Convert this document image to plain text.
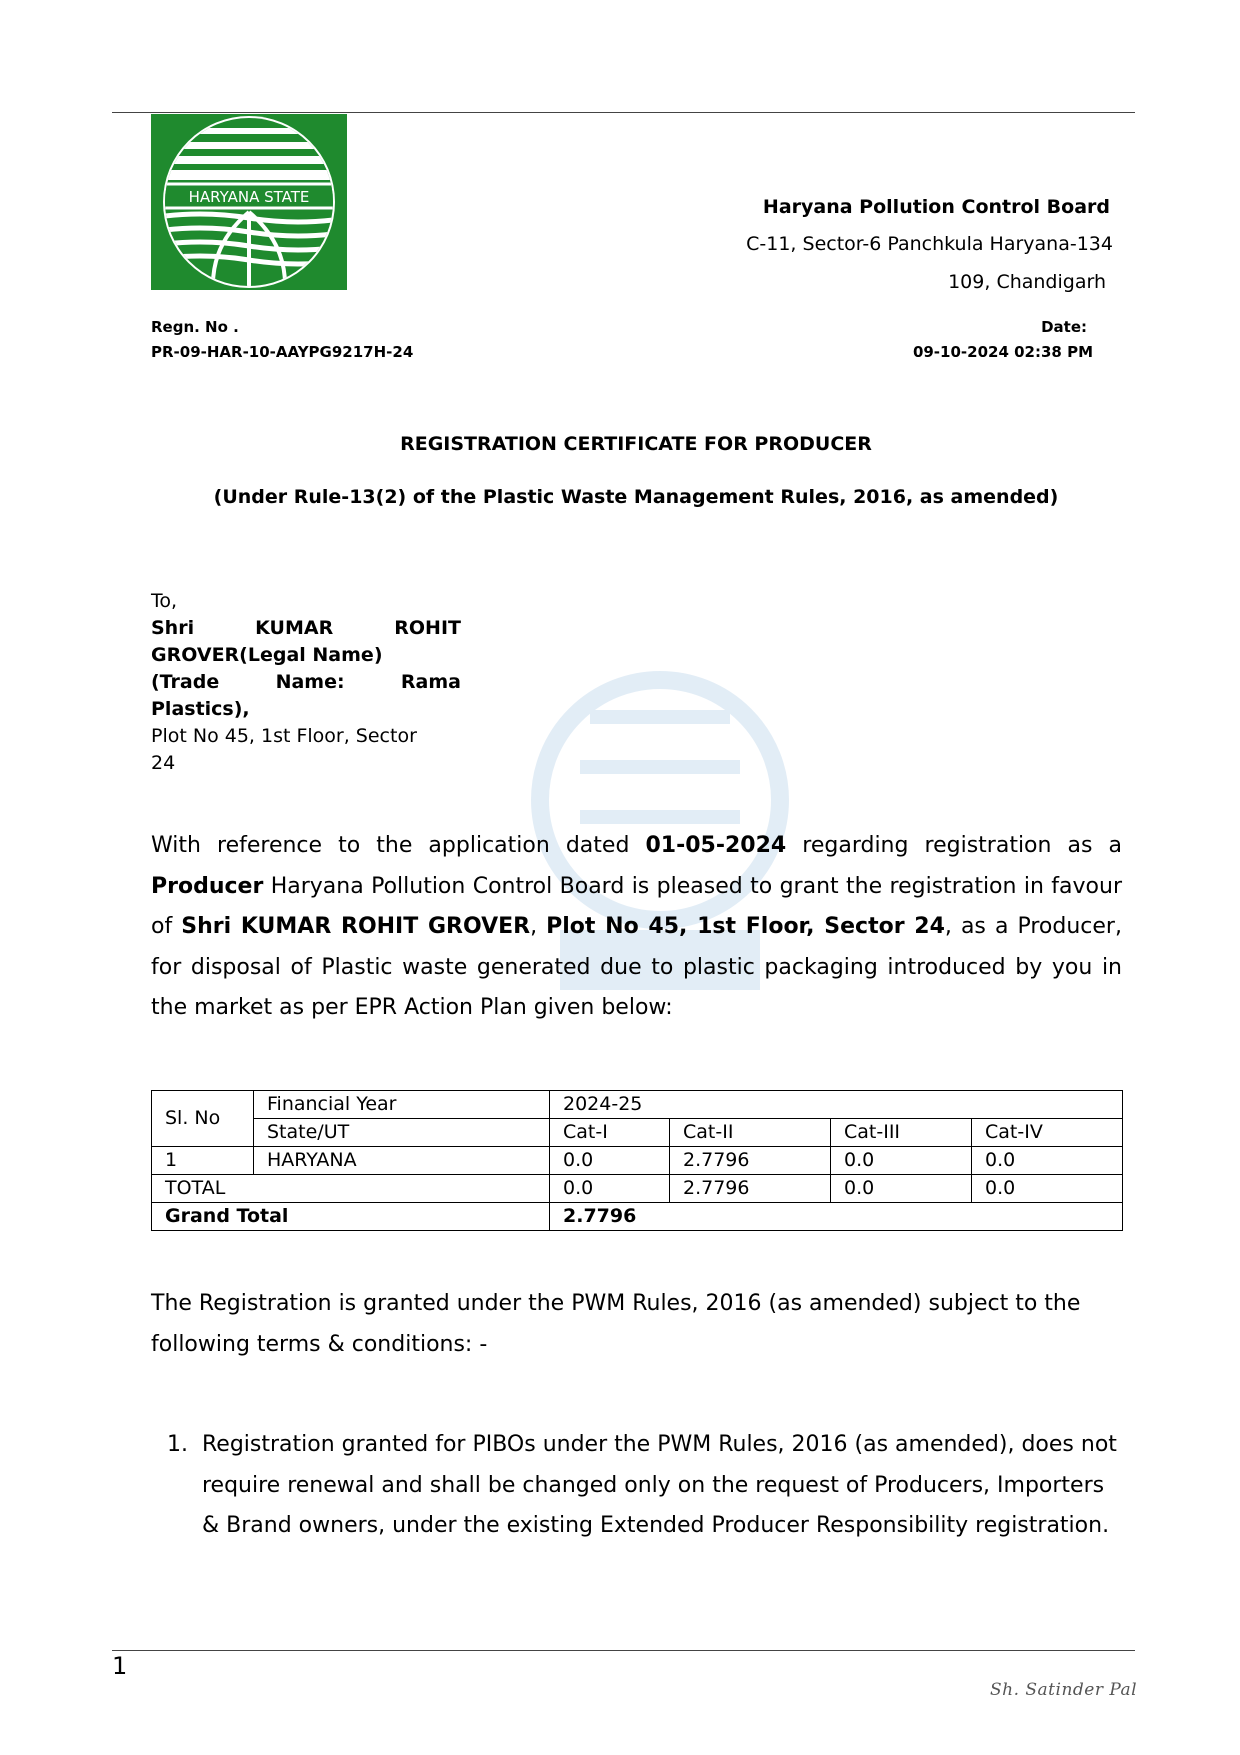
HARYANA STATE	Haryana Pollution Control Board
C-11, Sector-6 Panchkula Haryana-134
109, Chandigarh
Regn. No .
PR-09-HAR-10-AAYPG9217H-24
Date:
09-10-2024 02:38 PM
REGISTRATION CERTIFICATE FOR PRODUCER
(Under Rule-13(2) of the Plastic Waste Management Rules, 2016, as amended)
To,
Shri KUMAR ROHIT
GROVER(Legal Name)
(Trade Name: Rama
Plastics),
Plot No 45, 1st Floor, Sector
24
With reference to the application dated 01-05-2024 regarding registration as a Producer Haryana Pollution Control Board is pleased to grant the registration in favour of Shri KUMAR ROHIT GROVER, Plot No 45, 1st Floor, Sector 24, as a Producer, for disposal of Plastic waste generated due to plastic packaging introduced by you in the market as per EPR Action Plan given below:
Sl. No	Financial Year	2024-25			
	State/UT	Cat-I	Cat-II	Cat-III	Cat-IV
1	HARYANA	0.0	2.7796	0.0	0.0
TOTAL		0.0	2.7796	0.0	0.0
Grand Total		2.7796			
The Registration is granted under the PWM Rules, 2016 (as amended) subject to the following terms & conditions: -
1. Registration granted for PIBOs under the PWM Rules, 2016 (as amended), does not require renewal and shall be changed only on the request of Producers, Importers & Brand owners, under the existing Extended Producer Responsibility registration.
1
Sh. Satinder Pal
